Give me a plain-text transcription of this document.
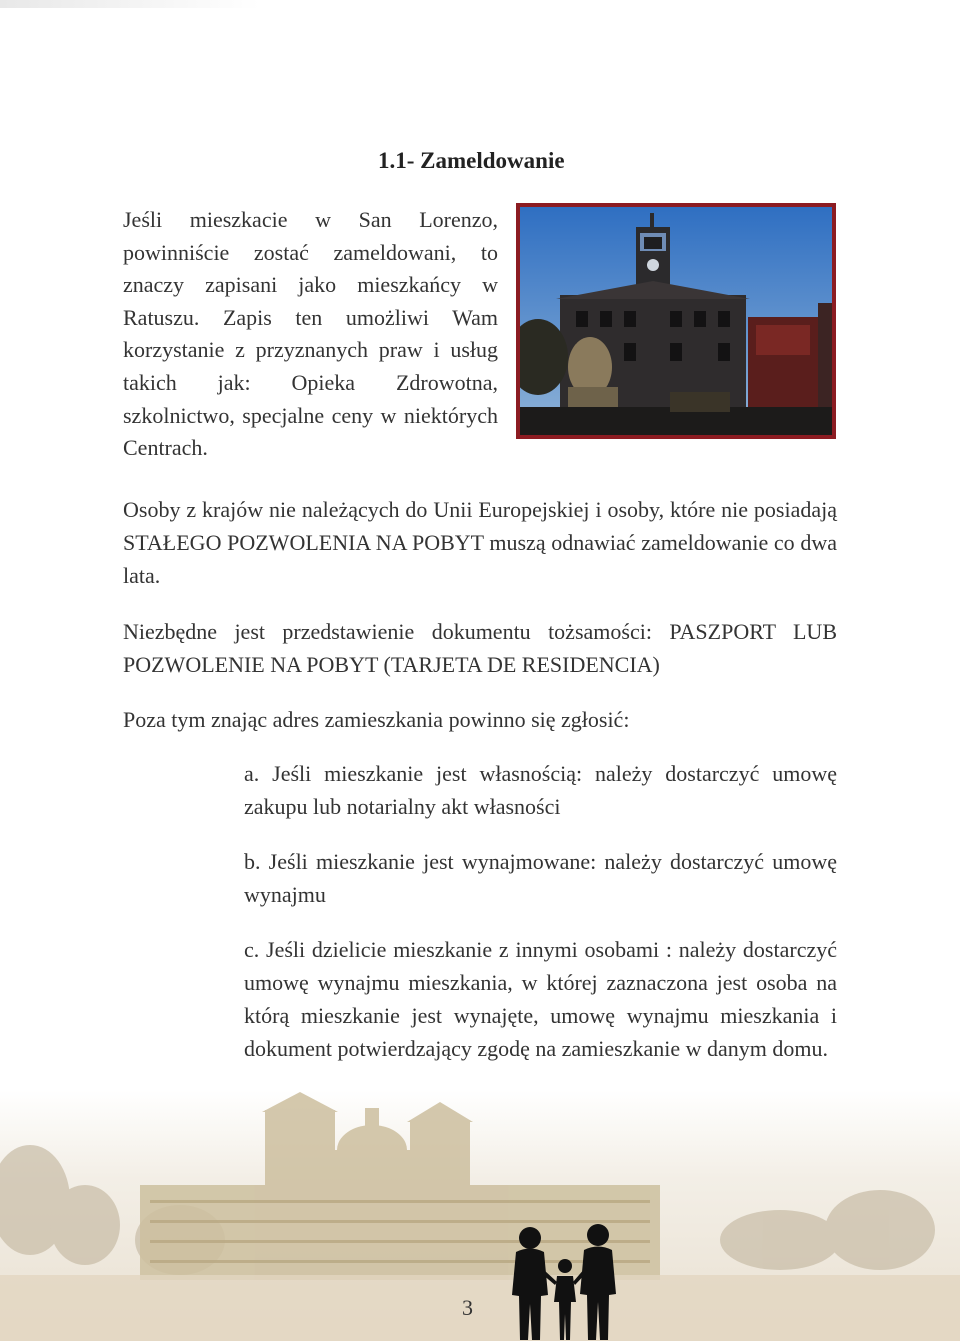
1.1- Zameldowanie

Jeśli mieszkacie w San Lorenzo, powinniście zostać zameldowani, to znaczy zapisani jako mieszkańcy w Ratuszu. Zapis ten umożliwi Wam korzystanie z przyznanych praw i usług takich jak: Opieka Zdrowotna, szkolnictwo, specjalne ceny w niektórych Centrach.

Osoby z krajów nie należących do Unii Europejskiej i osoby, które nie posiadają STAŁEGO POZWOLENIA NA POBYT muszą odnawiać zameldowanie co dwa lata.

Niezbędne jest przedstawienie dokumentu tożsamości: PASZPORT LUB POZWOLENIE NA POBYT (TARJETA DE RESIDENCIA)

Poza tym znając adres zamieszkania powinno się zgłosić:

a. Jeśli mieszkanie jest własnością: należy dostarczyć umowę zakupu lub notarialny akt własności

b. Jeśli mieszkanie jest wynajmowane: należy dostarczyć umowę wynajmu

c. Jeśli dzielicie mieszkanie z innymi osobami : należy dostarczyć umowę wynajmu mieszkania, w której zaznaczona jest osoba na którą mieszkanie jest wynajęte, umowę wynajmu mieszkania i dokument potwierdzający zgodę na zamieszkanie w danym domu.

3
